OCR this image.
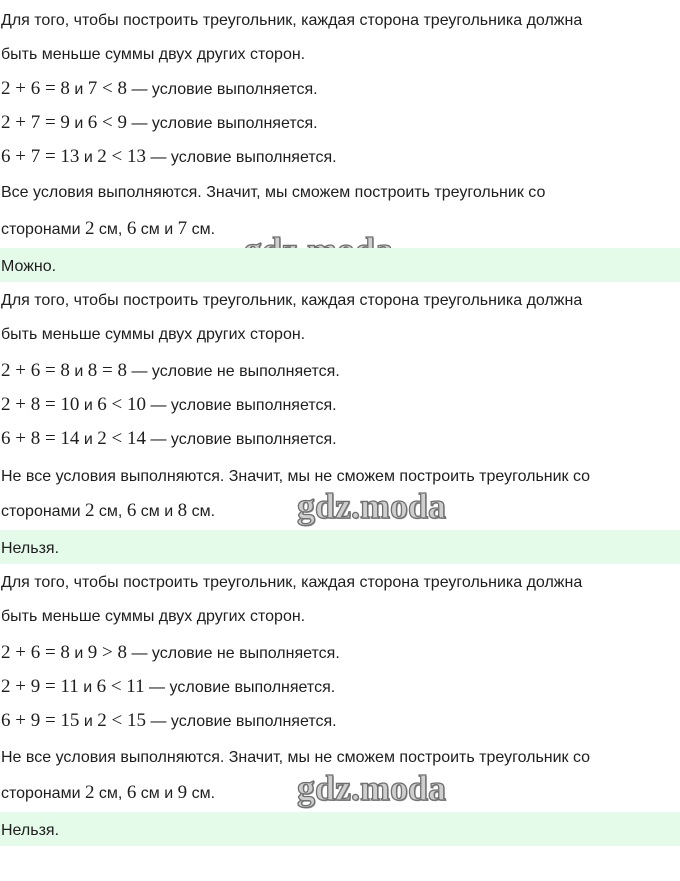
Для того, чтобы построить треугольник, каждая сторона треугольника должна
быть меньше суммы двух других сторон.
2 + 6 = 8 и 7 < 8 — условие выполняется.
2 + 7 = 9 и 6 < 9 — условие выполняется.
6 + 7 = 13 и 2 < 13 — условие выполняется.
Все условия выполняются. Значит, мы сможем построить треугольник со
сторонами 2 см, 6 см и 7 см.
Можно.
Для того, чтобы построить треугольник, каждая сторона треугольника должна
быть меньше суммы двух других сторон.
2 + 6 = 8 и 8 = 8 — условие не выполняется.
2 + 8 = 10 и 6 < 10 — условие выполняется.
6 + 8 = 14 и 2 < 14 — условие выполняется.
Не все условия выполняются. Значит, мы не сможем построить треугольник со
сторонами 2 см, 6 см и 8 см.	gdz.moda
Нельзя.
Для того, чтобы построить треугольник, каждая сторона треугольника должна
быть меньше суммы двух других сторон.
2 + 6 = 8 и 9 > 8 — условие не выполняется.
2 + 9 = 11 и 6 < 11 — условие выполняется.
6 + 9 = 15 и 2 < 15 — условие выполняется.
Не все условия выполняются. Значит, мы не сможем построить треугольник со
сторонами 2 см, 6 см и 9 см.	gdz.moda
Нельзя.
